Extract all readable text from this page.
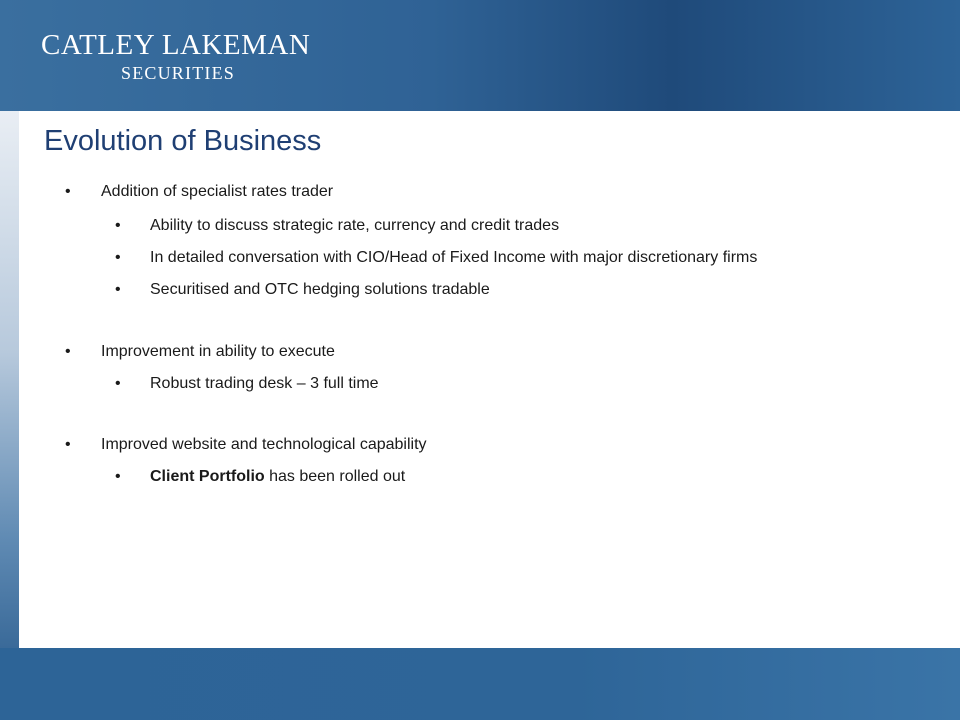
CATLEY LAKEMAN
SECURITIES
Evolution of Business
• Addition of specialist rates trader
• Ability to discuss strategic rate, currency and credit trades
• In detailed conversation with CIO/Head of Fixed Income with major discretionary firms
• Securitised and OTC hedging solutions tradable
• Improvement in ability to execute
• Robust trading desk – 3 full time
• Improved website and technological capability
• Client Portfolio has been rolled out
